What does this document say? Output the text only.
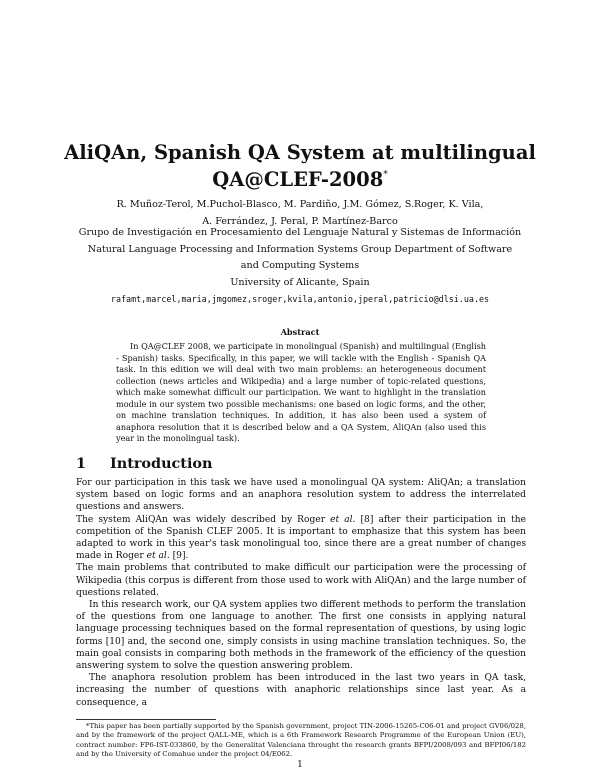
AliQAn, Spanish QA System at multilingual
QA@CLEF-2008*
R. Muñoz-Terol, M.Puchol-Blasco, M. Pardiño, J.M. Gómez, S.Roger, K. Vila,
A. Ferrández, J. Peral, P. Martínez-Barco
Grupo de Investigación en Procesamiento del Lenguaje Natural y Sistemas de Información
Natural Language Processing and Information Systems Group Department of Software
and Computing Systems
University of Alicante, Spain
rafamt,marcel,maria,jmgomez,sroger,kvila,antonio,jperal,patricio@dlsi.ua.es
Abstract
In QA@CLEF 2008, we participate in monolingual (Spanish) and multilingual (English - Spanish) tasks. Specifically, in this paper, we will tackle with the English - Spanish QA task. In this edition we will deal with two main problems: an heterogeneous document collection (news articles and Wikipedia) and a large number of topic-related questions, which make somewhat difficult our participation. We want to highlight in the translation module in our system two possible mechanisms: one based on logic forms, and the other, on machine translation techniques. In addition, it has also been used a system of anaphora resolution that it is described below and a QA System, AliQAn (also used this year in the monolingual task).
1 Introduction

For our participation in this task we have used a monolingual QA system: AliQAn; a translation system based on logic forms and an anaphora resolution system to address the interrelated questions and answers.

The system AliQAn was widely described by Roger et al. [8] after their participation in the competition of the Spanish CLEF 2005. It is important to emphasize that this system has been adapted to work in this year's task monolingual too, since there are a great number of changes made in Roger et al. [9].

The main problems that contributed to make difficult our participation were the processing of Wikipedia (this corpus is different from those used to work with AliQAn) and the large number of questions related.

In this research work, our QA system applies two different methods to perform the translation of the questions from one language to another. The first one consists in applying natural language processing techniques based on the formal representation of questions, by using logic forms [10] and, the second one, simply consists in using machine translation techniques. So, the main goal consists in comparing both methods in the framework of the efficiency of the question answering system to solve the question answering problem.

The anaphora resolution problem has been introduced in the last two years in QA task, increasing the number of questions with anaphoric relationships since last year. As a consequence, a

*This paper has been partially supported by the Spanish government, project TIN-2006-15265-C06-01 and project GV06/028, and by the framework of the project QALL-ME, which is a 6th Framework Research Programme of the European Union (EU), contract number: FP6-IST-033860, by the Generalitat Valenciana throught the research grants BFPI/2008/093 and BFPI06/182 and by the University of Comahue under the project 04/E062.
1
